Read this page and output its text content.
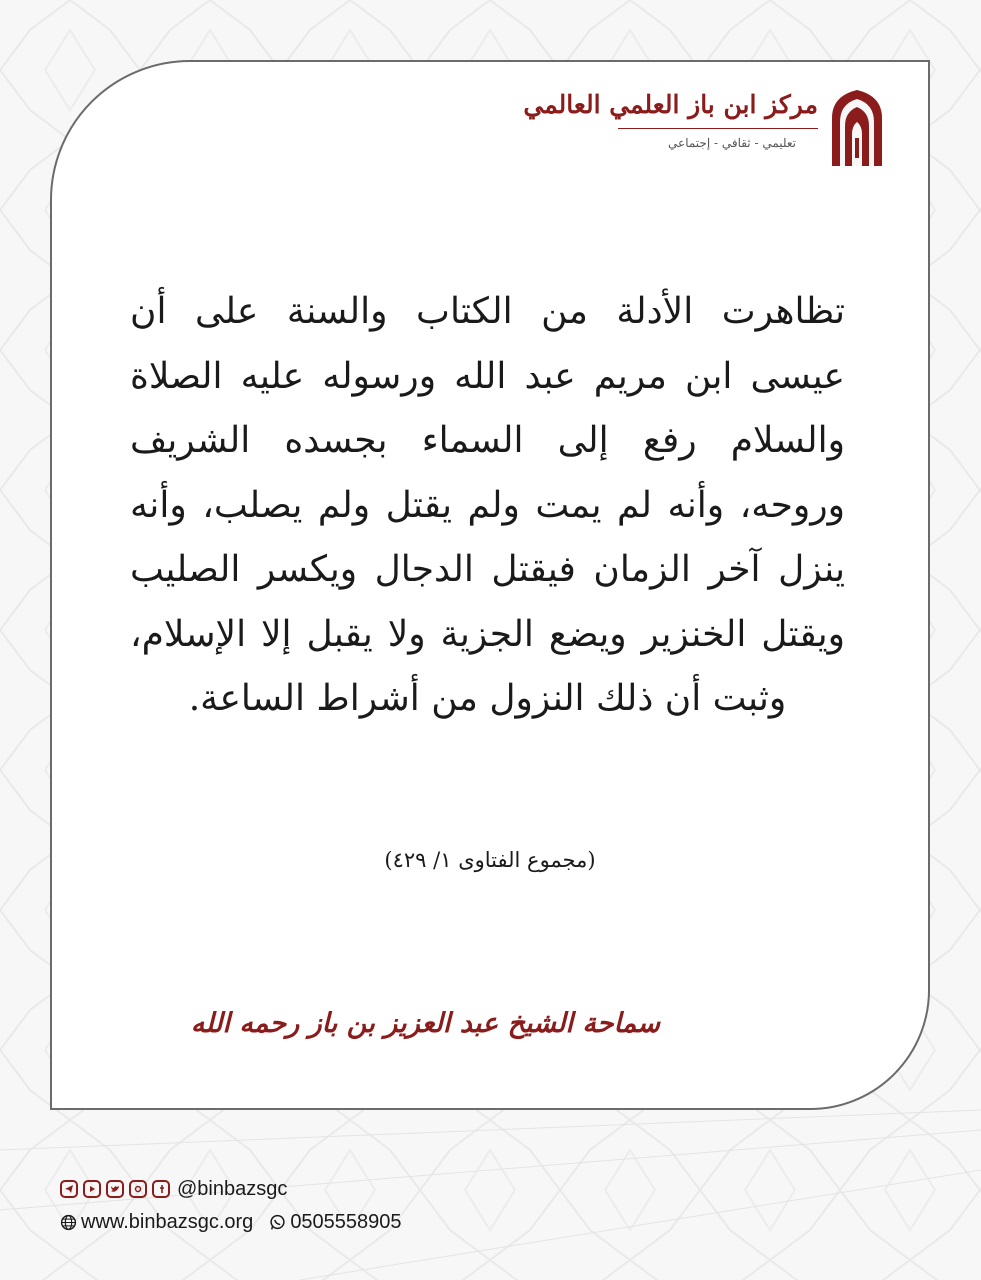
مركز ابن باز العلمي العالمي
تعليمي - ثقافي - إجتماعي

تظاهرت الأدلة من الكتاب والسنة على أن عيسى ابن مريم عبد الله ورسوله عليه الصلاة والسلام رفع إلى السماء بجسده الشريف وروحه، وأنه لم يمت ولم يقتل ولم يصلب، وأنه ينزل آخر الزمان فيقتل الدجال ويكسر الصليب ويقتل الخنزير ويضع الجزية ولا يقبل إلا الإسلام، وثبت أن ذلك النزول من أشراط الساعة.

(مجموع الفتاوى ١/ ٤٢٩)
سماحة الشيخ عبد العزيز بن باز رحمه الله
@binbazsgc
www.binbazsgc.org 0505558905
